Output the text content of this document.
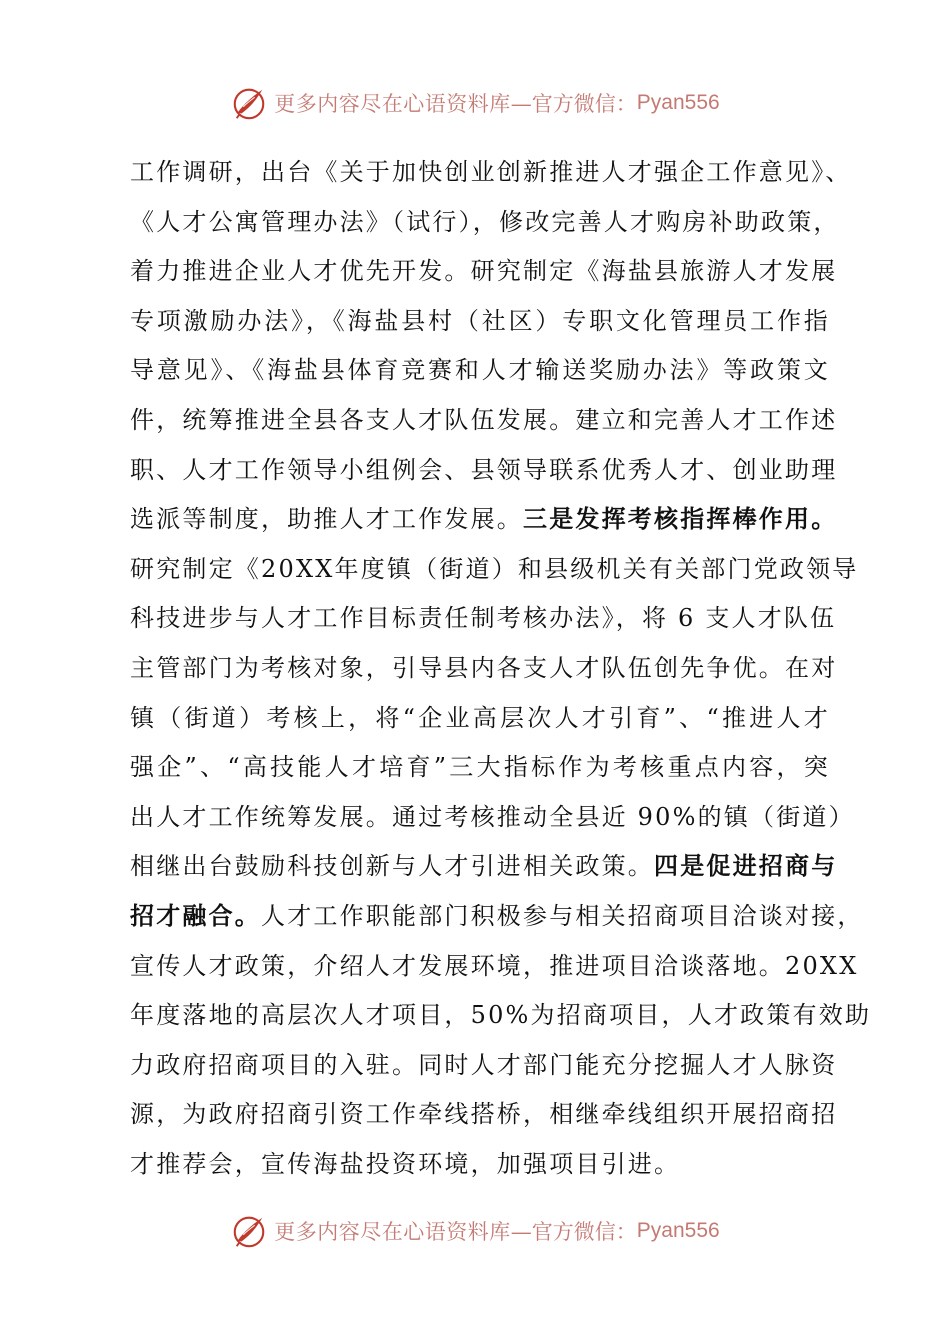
更多内容尽在心语资料库 —官方微信： Pyan556
工作调研，出台《关于加快创业创新推进人才强企工作意见》、
《人才公寓管理办法》（试行），修改完善人才购房补助政策，
着力推进企业人才优先开发。研究制定《海盐县旅游人才发展
专项激励办法》，《海盐县村（社区）专职文化管理员工作指
导意见》、《海盐县体育竞赛和人才输送奖励办法》等政策文
件，统筹推进全县各支人才队伍发展。建立和完善人才工作述
职、人才工作领导小组例会、县领导联系优秀人才、创业助理
选派等制度，助推人才工作发展。三是发挥考核指挥棒作用。
研究制定《20XX年度镇（街道）和县级机关有关部门党政领导
科技进步与人才工作目标责任制考核办法》，将 6 支人才队伍
主管部门为考核对象，引导县内各支人才队伍创先争优。在对
镇（街道）考核上，将“企业高层次人才引育”、“推进人才
强企”、“高技能人才培育”三大指标作为考核重点内容，突
出人才工作统筹发展。通过考核推动全县近 90%的镇（街道）
相继出台鼓励科技创新与人才引进相关政策。四是促进招商与
招才融合。人才工作职能部门积极参与相关招商项目洽谈对接，
宣传人才政策，介绍人才发展环境，推进项目洽谈落地。20XX
年度落地的高层次人才项目，50%为招商项目，人才政策有效助
力政府招商项目的入驻。同时人才部门能充分挖掘人才人脉资
源，为政府招商引资工作牵线搭桥，相继牵线组织开展招商招
才推荐会，宣传海盐投资环境，加强项目引进。
更多内容尽在心语资料库 —官方微信： Pyan556
